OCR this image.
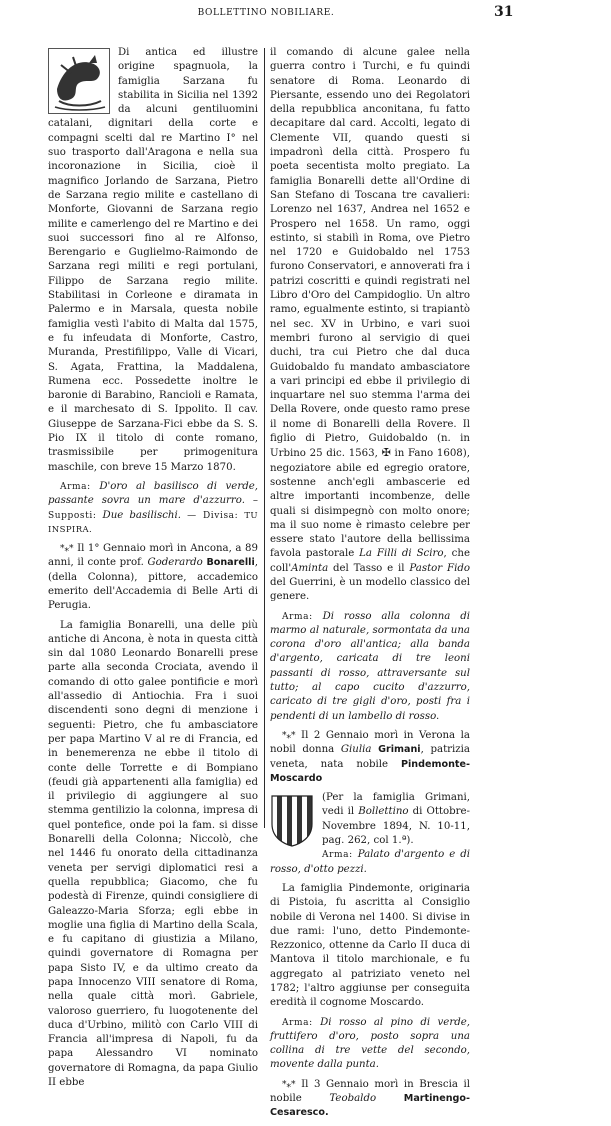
BOLLETTINO NOBILIARE.	31

Di antica ed illustre origine spagnuola, la famiglia Sarzana fu stabilita in Sicilia nel 1392 da alcuni gentiluomini catalani, dignitari della corte e compagni scelti dal re Martino I° nel suo trasporto dall'Aragona e nella sua incoronazione in Sicilia, cioè il magnifico Jorlando de Sarzana, Pietro de Sarzana regio milite e castellano di Monforte, Giovanni de Sarzana regio milite e camerlengo del re Martino e dei suoi successori fino al re Alfonso, Berengario e Guglielmo-Raimondo de Sarzana regi militi e regi portulani, Filippo de Sarzana regio milite. Stabilitasi in Corleone e diramata in Palermo e in Marsala, questa nobile famiglia vestì l'abito di Malta dal 1575, e fu infeudata di Monforte, Castro, Muranda, Prestifilippo, Valle di Vicari, S. Agata, Frattina, la Maddalena, Rumena ecc. Possedette inoltre le baronie di Barabino, Rancioli e Ramata, e il marchesato di S. Ippolito. Il cav. Giuseppe de Sarzana-Fici ebbe da S. S. Pio IX il titolo di conte romano, trasmissibile per primogenitura maschile, con breve 15 Marzo 1870.

Arma: D'oro al basilisco di verde, passante sovra un mare d'azzurro. – Supposti: Due basilischi. — Divisa: TU INSPIRA.

*⁎* Il 1° Gennaio morì in Ancona, a 89 anni, il conte prof. Goderardo Bonarelli, (della Colonna), pittore, accademico emerito dell'Accademia di Belle Arti di Perugia.

La famiglia Bonarelli, una delle più antiche di Ancona, è nota in questa città sin dal 1080 Leonardo Bonarelli prese parte alla seconda Crociata, avendo il comando di otto galee pontificie e morì all'assedio di Antiochia. Fra i suoi discendenti sono degni di menzione i seguenti: Pietro, che fu ambasciatore per papa Martino V al re di Francia, ed in benemerenza ne ebbe il titolo di conte delle Torrette e di Bompiano (feudi già appartenenti alla famiglia) ed il privilegio di aggiungere al suo stemma gentilizio la colonna, impresa di quel pontefice, onde poi la fam. si disse Bonarelli della Colonna; Niccolò, che nel 1446 fu onorato della cittadinanza veneta per servigi diplomatici resi a quella repubblica; Giacomo, che fu podestà di Firenze, quindi consigliere di Galeazzo-Maria Sforza; egli ebbe in moglie una figlia di Martino della Scala, e fu capitano di giustizia a Milano, quindi governatore di Romagna per papa Sisto IV, e da ultimo creato da papa Innocenzo VIII senatore di Roma, nella quale città morì. Gabriele, valoroso guerriero, fu luogotenente del duca d'Urbino, militò con Carlo VIII di Francia all'impresa di Napoli, fu da papa Alessandro VI nominato governatore di Romagna, da papa Giulio II ebbe

il comando di alcune galee nella guerra contro i Turchi, e fu quindi senatore di Roma. Leonardo di Piersante, essendo uno dei Regolatori della repubblica anconitana, fu fatto decapitare dal card. Accolti, legato di Clemente VII, quando questi si impadronì della città. Prospero fu poeta secentista molto pregiato. La famiglia Bonarelli dette all'Ordine di San Stefano di Toscana tre cavalieri: Lorenzo nel 1637, Andrea nel 1652 e Prospero nel 1658. Un ramo, oggi estinto, si stabilì in Roma, ove Pietro nel 1720 e Guidobaldo nel 1753 furono Conservatori, e annoverati fra i patrizi coscritti e quindi registrati nel Libro d'Oro del Campidoglio. Un altro ramo, egualmente estinto, si trapiantò nel sec. XV in Urbino, e vari suoi membri furono al servigio di quei duchi, tra cui Pietro che dal duca Guidobaldo fu mandato ambasciatore a vari principi ed ebbe il privilegio di inquartare nel suo stemma l'arma dei Della Rovere, onde questo ramo prese il nome di Bonarelli della Rovere. Il figlio di Pietro, Guidobaldo (n. in Urbino 25 dic. 1563, ✠ in Fano 1608), negoziatore abile ed egregio oratore, sostenne anch'egli ambascerie ed altre importanti incombenze, delle quali si disimpegnò con molto onore; ma il suo nome è rimasto celebre per essere stato l'autore della bellissima favola pastorale La Filli di Sciro, che coll'Aminta del Tasso e il Pastor Fido del Guerrini, è un modello classico del genere.

Arma: Di rosso alla colonna di marmo al naturale, sormontata da una corona d'oro all'antica; alla banda d'argento, caricata di tre leoni passanti di rosso, attraversante sul tutto; al capo cucito d'azzurro, caricato di tre gigli d'oro, posti fra i pendenti di un lambello di rosso.

*⁎* Il 2 Gennaio morì in Verona la nobil donna Giulia Grimani, patrizia veneta, nata nobile Pindemonte-Moscardo

(Per la famiglia Grimani, vedi il Bollettino di Ottobre-Novembre 1894, N. 10-11, pag. 262, col 1.ª).
Arma: Palato d'argento e di rosso, d'otto pezzi.

La famiglia Pindemonte, originaria di Pistoia, fu ascritta al Consiglio nobile di Verona nel 1400. Si divise in due rami: l'uno, detto Pindemonte-Rezzonico, ottenne da Carlo II duca di Mantova il titolo marchionale, e fu aggregato al patriziato veneto nel 1782; l'altro aggiunse per conseguita eredità il cognome Moscardo.

Arma: Di rosso al pino di verde, fruttifero d'oro, posto sopra una collina di tre vette del secondo, movente dalla punta.

*⁎* Il 3 Gennaio morì in Brescia il nobile	Teobaldo	Martinengo-Cesaresco.
